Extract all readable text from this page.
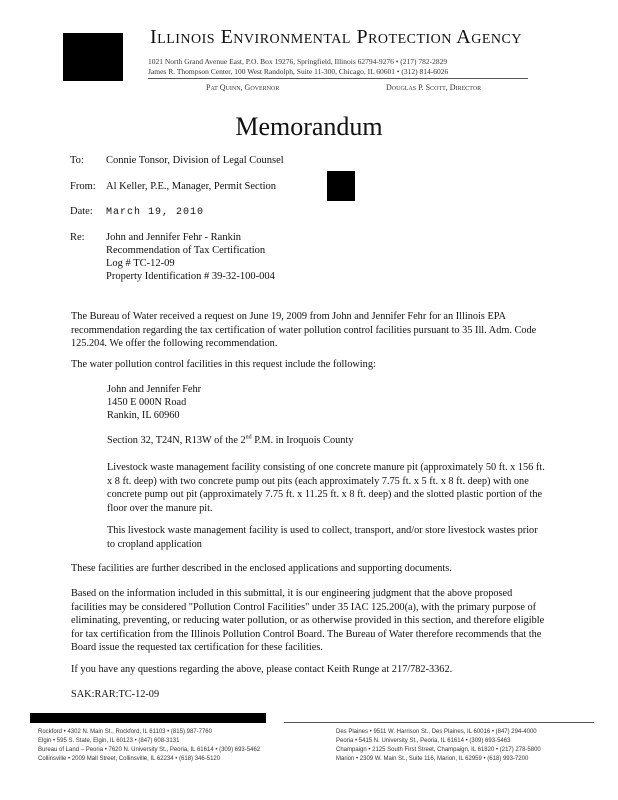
Illinois Environmental Protection Agency
1021 North Grand Avenue East, P.O. Box 19276, Springfield, Illinois 62794-9276 • (217) 782-2829
James R. Thompson Center, 100 West Randolph, Suite 11-300, Chicago, IL 60601 • (312) 814-6026
Pat Quinn, Governor	Douglas P. Scott, Director
Memorandum
To: Connie Tonsor, Division of Legal Counsel
From: Al Keller, P.E., Manager, Permit Section
Date: March 19, 2010
Re: John and Jennifer Fehr - Rankin
Recommendation of Tax Certification
Log # TC-12-09
Property Identification # 39-32-100-004
The Bureau of Water received a request on June 19, 2009 from John and Jennifer Fehr for an Illinois EPA recommendation regarding the tax certification of water pollution control facilities pursuant to 35 Ill. Adm. Code 125.204. We offer the following recommendation.
The water pollution control facilities in this request include the following:
John and Jennifer Fehr
1450 E 000N Road
Rankin, IL 60960
Section 32, T24N, R13W of the 2nd P.M. in Iroquois County
Livestock waste management facility consisting of one concrete manure pit (approximately 50 ft. x 156 ft. x 8 ft. deep) with two concrete pump out pits (each approximately 7.75 ft. x 5 ft. x 8 ft. deep) with one concrete pump out pit (approximately 7.75 ft. x 11.25 ft. x 8 ft. deep) and the slotted plastic portion of the floor over the manure pit.
This livestock waste management facility is used to collect, transport, and/or store livestock wastes prior to cropland application
These facilities are further described in the enclosed applications and supporting documents.
Based on the information included in this submittal, it is our engineering judgment that the above proposed facilities may be considered "Pollution Control Facilities" under 35 IAC 125.200(a), with the primary purpose of eliminating, preventing, or reducing water pollution, or as otherwise provided in this section, and therefore eligible for tax certification from the Illinois Pollution Control Board. The Bureau of Water therefore recommends that the Board issue the requested tax certification for these facilities.
If you have any questions regarding the above, please contact Keith Runge at 217/782-3362.
SAK:RAR:TC-12-09
Rockford • 4302 N. Main St., Rockford, IL 61103 • (815) 987-7760
Elgin • 595 S. State, Elgin, IL 60123 • (847) 608-3131
Bureau of Land – Peoria • 7620 N. University St., Peoria, IL 61614 • (309) 693-5462
Collinsville • 2009 Mall Street, Collinsville, IL 62234 • (618) 346-5120
Des Plaines • 9511 W. Harrison St., Des Plaines, IL 60016 • (847) 294-4000
Peoria • 5415 N. University St., Peoria, IL 61614 • (309) 693-5463
Champaign • 2125 South First Street, Champaign, IL 61820 • (217) 278-5800
Marion • 2309 W. Main St., Suite 116, Marion, IL 62959 • (618) 993-7200
